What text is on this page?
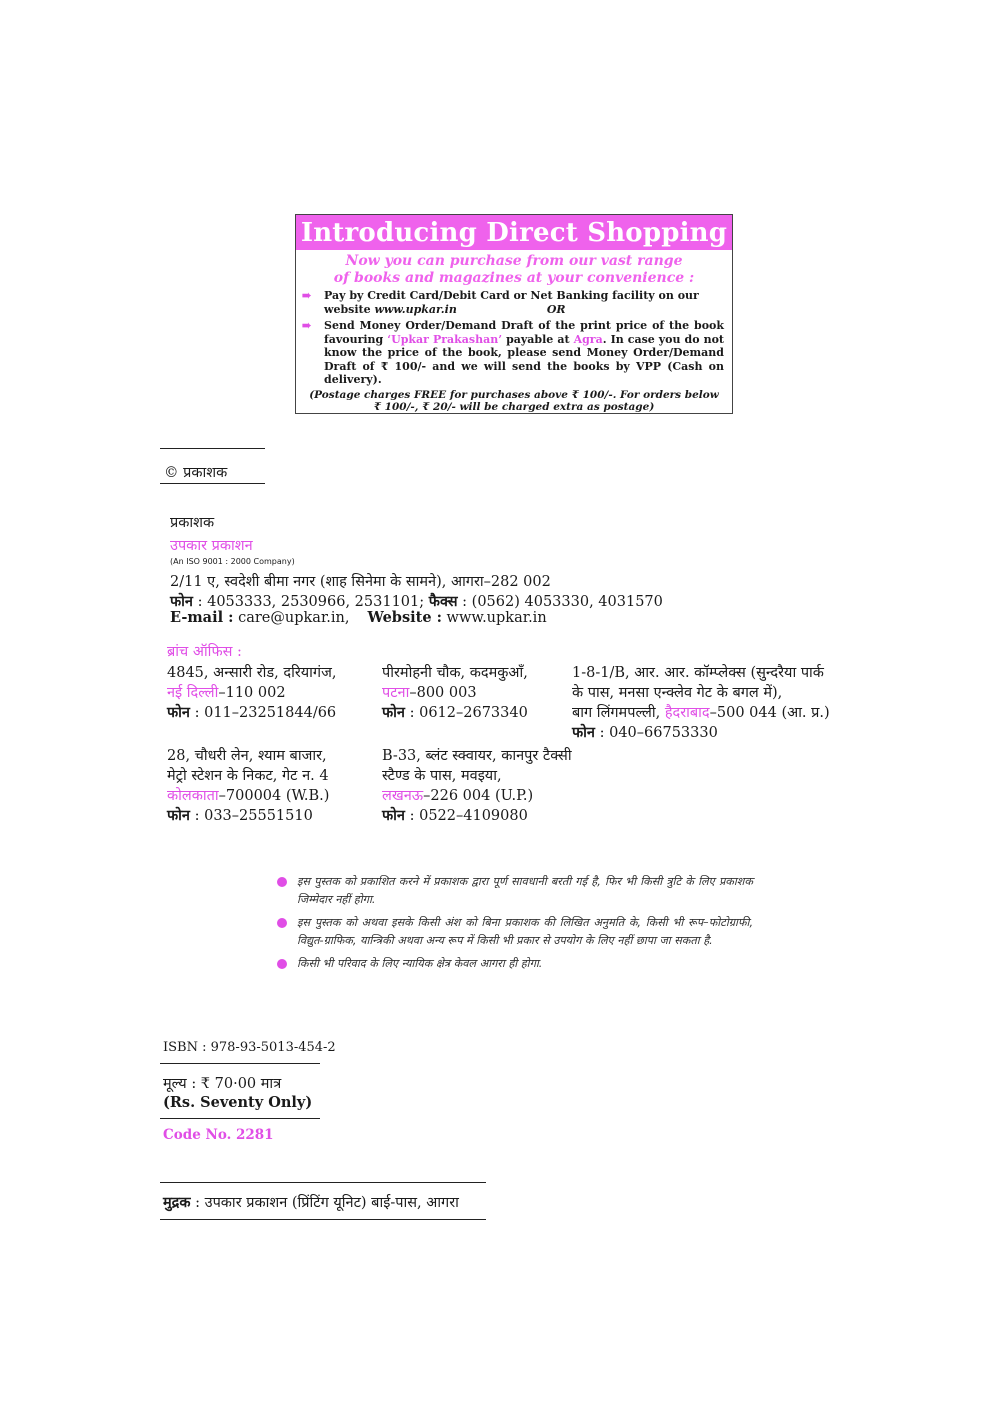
Introducing Direct Shopping
Now you can purchase from our vast range
of books and magazines at your convenience :
➠	Pay by Credit Card/Debit Card or Net Banking facility on our
website www.upkar.in	OR
➠	Send Money Order/Demand Draft of the print price of the book favouring ‘Upkar Prakashan’ payable at Agra. In case you do not know the price of the book, please send Money Order/Demand Draft of ₹ 100/- and we will send the books by VPP (Cash on delivery).
(Postage charges FREE for purchases above ₹ 100/-. For orders below
₹ 100/-, ₹ 20/- will be charged extra as postage)
© प्रकाशक
प्रकाशक
उपकार प्रकाशन
(An ISO 9001 : 2000 Company)
2/11 ए, स्वदेशी बीमा नगर (शाह सिनेमा के सामने), आगरा–282 002
फोन : 4053333, 2530966, 2531101; फैक्स : (0562) 4053330, 4031570
E-mail : care@upkar.in, Website : www.upkar.in
ब्रांच ऑफिस :
4845, अन्सारी रोड, दरियागंज,
नई दिल्ली–110 002
फोन : 011–23251844/66
पीरमोहनी चौक, कदमकुआँ,
पटना–800 003
फोन : 0612–2673340
1-8-1/B, आर. आर. कॉम्प्लेक्स (सुन्दरैया पार्क
के पास, मनसा एन्क्लेव गेट के बगल में),
बाग लिंगमपल्ली, हैदराबाद–500 044 (आ. प्र.)
फोन : 040–66753330
28, चौधरी लेन, श्याम बाजार,
मेट्रो स्टेशन के निकट, गेट न. 4
कोलकाता–700004 (W.B.)
फोन : 033–25551510
B-33, ब्लंट स्क्वायर, कानपुर टैक्सी
स्टैण्ड के पास, मवइया,
लखनऊ–226 004 (U.P.)
फोन : 0522–4109080
इस पुस्तक को प्रकाशित करने में प्रकाशक द्वारा पूर्ण सावधानी बरती गई है, फिर भी किसी त्रुटि के लिए प्रकाशक जिम्मेदार नहीं होगा.
इस पुस्तक को अथवा इसके किसी अंश को बिना प्रकाशक की लिखित अनुमति के, किसी भी रूप–फोटोग्राफी, विद्युत-ग्राफिक, यान्त्रिकी अथवा अन्य रूप में किसी भी प्रकार से उपयोग के लिए नहीं छापा जा सकता है.
किसी भी परिवाद के लिए न्यायिक क्षेत्र केवल आगरा ही होगा.
ISBN : 978-93-5013-454-2
मूल्य : ₹ 70·00 मात्र
(Rs. Seventy Only)
Code No. 2281
मुद्रक : उपकार प्रकाशन (प्रिंटिंग यूनिट) बाई-पास, आगरा
